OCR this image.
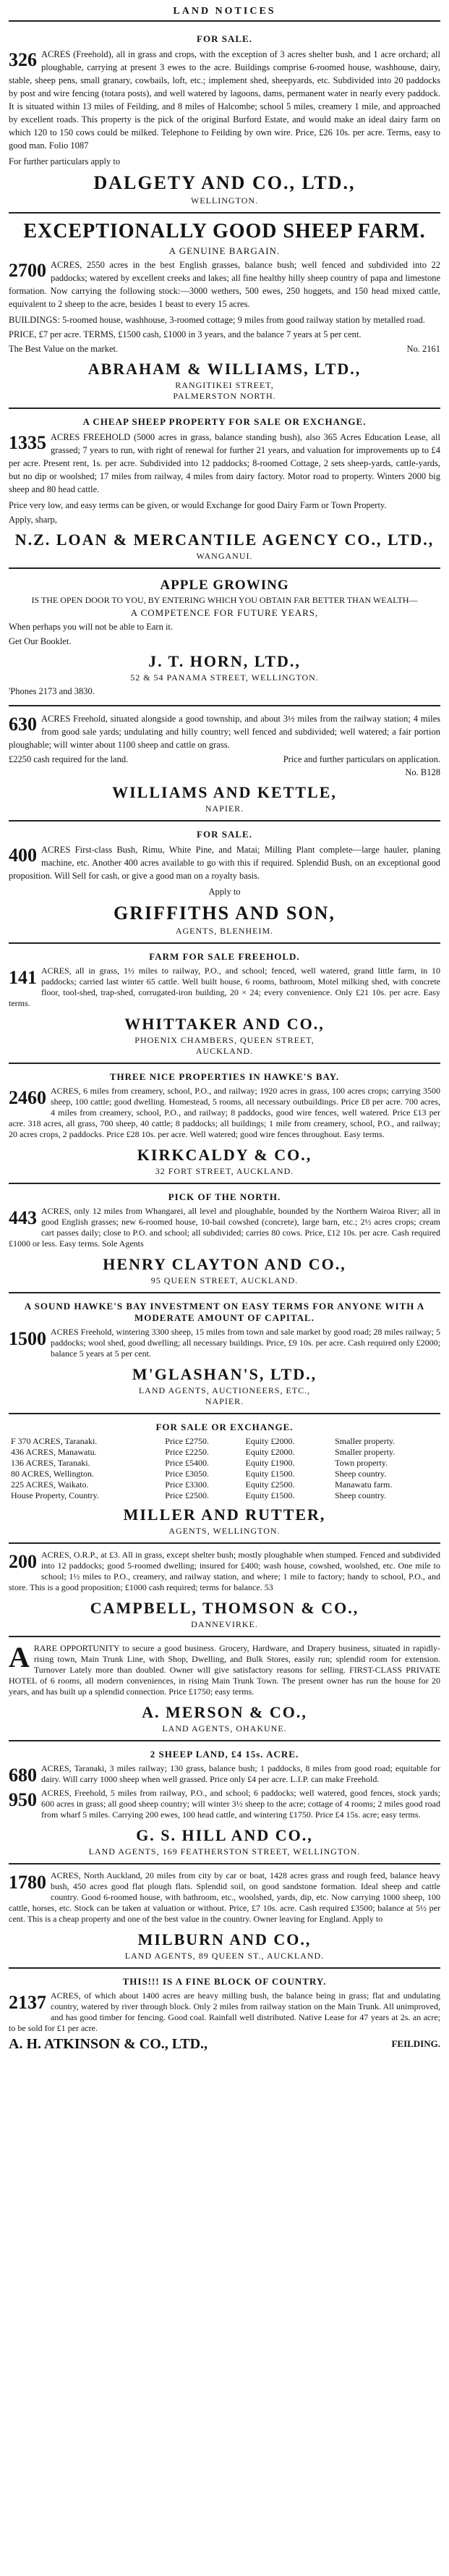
LAND NOTICES
FOR SALE.
326 ACRES (Freehold), all in grass and crops, with the exception of 3 acres shelter bush, and 1 acre orchard; all ploughable, carrying at present 3 ewes to the acre. Buildings comprise 6-roomed house, washhouse, dairy, stable, sheep pens, small granary, cowbails, loft, etc.; implement shed, sheepyards, etc. Subdivided into 20 paddocks by post and wire fencing (totara posts), and well watered by lagoons, dams, permanent water in nearly every paddock. It is situated within 13 miles of Feilding, and 8 miles of Halcombe; school 5 miles, creamery 1 mile, and approached by excellent roads. This property is the pick of the original Burford Estate, and would make an ideal dairy farm on which 120 to 150 cows could be milked. Telephone to Feilding by own wire. Price, £26 10s. per acre. Terms, easy to good man. Folio 1087
For further particulars apply to
DALGETY AND CO., LTD.,
WELLINGTON.
EXCEPTIONALLY GOOD SHEEP FARM.
A GENUINE BARGAIN.
2700 ACRES, 2550 acres in the best English grasses, balance bush; well fenced and subdivided into 22 paddocks; watered by excellent creeks and lakes; all fine healthy hilly sheep country of papa and limestone formation. Now carrying the following stock:—3000 wethers, 500 ewes, 250 hoggets, and 150 head mixed cattle, equivalent to 2 sheep to the acre, besides 1 beast to every 15 acres.
BUILDINGS: 5-roomed house, washhouse, 3-roomed cottage; 9 miles from good railway station by metalled road.
PRICE, £7 per acre. TERMS, £1500 cash, £1000 in 3 years, and the balance 7 years at 5 per cent.
The Best Value on the market.	No. 2161
ABRAHAM & WILLIAMS, LTD.,
RANGITIKEI STREET,
PALMERSTON NORTH.
A CHEAP SHEEP PROPERTY FOR SALE OR EXCHANGE.
1335 ACRES FREEHOLD (5000 acres in grass, balance standing bush), also 365 Acres Education Lease, all grassed; 7 years to run, with right of renewal for further 21 years, and valuation for improvements up to £4 per acre. Present rent, 1s. per acre. Subdivided into 12 paddocks; 8-roomed Cottage, 2 sets sheep-yards, cattle-yards, but no dip or woolshed; 17 miles from railway, 4 miles from dairy factory. Motor road to property. Winters 2000 big sheep and 80 head cattle.
Price very low, and easy terms can be given, or would Exchange for good Dairy Farm or Town Property.
Apply, sharp,
N.Z. LOAN & MERCANTILE AGENCY CO., LTD.,
WANGANUI.
APPLE GROWING
IS THE OPEN DOOR TO YOU, BY ENTERING WHICH YOU OBTAIN FAR BETTER THAN WEALTH—
A COMPETENCE FOR FUTURE YEARS,
When perhaps you will not be able to Earn it.
Get Our Booklet.
J. T. HORN, LTD.,
52 & 54 PANAMA STREET, WELLINGTON.
'Phones 2173 and 3830.
630 ACRES Freehold, situated alongside a good township, and about 3½ miles from the railway station; 4 miles from good sale yards; undulating and hilly country; well fenced and subdivided; well watered; a fair portion ploughable; will winter about 1100 sheep and cattle on grass.
£2250 cash required for the land.	Price and further particulars on application.
No. B128
WILLIAMS AND KETTLE,
NAPIER.
FOR SALE.
400 ACRES First-class Bush, Rimu, White Pine, and Matai; Milling Plant complete—large hauler, planing machine, etc. Another 400 acres available to go with this if required. Splendid Bush, on an exceptional good proposition. Will Sell for cash, or give a good man on a royalty basis.
Apply to
GRIFFITHS AND SON,
AGENTS, BLENHEIM.
FARM FOR SALE FREEHOLD.
141 ACRES, all in grass, 1½ miles to railway, P.O., and school; fenced, well watered, grand little farm, in 10 paddocks; carried last winter 65 cattle. Well built house, 6 rooms, bathroom, Motel milking shed, with concrete floor, tool-shed, trap-shed, corrugated-iron building, 20 × 24; every convenience. Only £21 10s. per acre. Easy terms.
WHITTAKER AND CO.,
PHOENIX CHAMBERS, QUEEN STREET,
AUCKLAND.
THREE NICE PROPERTIES IN HAWKE'S BAY.
2460 ACRES, 6 miles from creamery, school, P.O., and railway; 1920 acres in grass, 100 acres crops; carrying 3500 sheep, 100 cattle; good dwelling. Homestead, 5 rooms, all necessary outbuildings. Price £8 per acre. 700 acres, 4 miles from creamery, school, P.O., and railway; 8 paddocks, good wire fences, well watered. Price £13 per acre. 318 acres, all grass, 700 sheep, 40 cattle; 8 paddocks; all buildings; 1 mile from creamery, school, P.O., and railway; 20 acres crops, 2 paddocks. Price £28 10s. per acre. Well watered; good wire fences throughout. Easy terms.
KIRKCALDY & CO.,
32 FORT STREET, AUCKLAND.
PICK OF THE NORTH.
443 ACRES, only 12 miles from Whangarei, all level and ploughable, bounded by the Northern Wairoa River; all in good English grasses; new 6-roomed house, 10-bail cowshed (concrete), large barn, etc.; 2½ acres crops; cream cart passes daily; close to P.O. and school; all subdivided; carries 80 cows. Price, £12 10s. per acre. Cash required £1000 or less. Easy terms. Sole Agents
HENRY CLAYTON AND CO.,
95 QUEEN STREET, AUCKLAND.
A SOUND HAWKE'S BAY INVESTMENT ON EASY TERMS FOR ANYONE WITH A MODERATE AMOUNT OF CAPITAL.
1500 ACRES Freehold, wintering 3300 sheep, 15 miles from town and sale market by good road; 28 miles railway; 5 paddocks; wool shed, good dwelling; all necessary buildings. Price, £9 10s. per acre. Cash required only £2000; balance 5 years at 5 per cent.
M'GLASHAN'S, LTD.,
LAND AGENTS, AUCTIONEERS, ETC.,
NAPIER.
FOR SALE OR EXCHANGE.
F 370 ACRES, Taranaki.	Price £2750.	Equity £2000.	Smaller property.
436 ACRES, Manawatu.	Price £2250.	Equity £2000.	Smaller property.
136 ACRES, Taranaki.	Price £5400.	Equity £1900.	Town property.
80 ACRES, Wellington.	Price £3050.	Equity £1500.	Sheep country.
225 ACRES, Waikato.	Price £3300.	Equity £2500.	Manawatu farm.
House Property, Country.	Price £2500.	Equity £1500.	Sheep country.
MILLER AND RUTTER,
AGENTS, WELLINGTON.
200 ACRES, O.R.P., at £3. All in grass, except shelter bush; mostly ploughable when stumped. Fenced and subdivided into 12 paddocks; good 5-roomed dwelling; insured for £400; wash house, cowshed, woolshed, etc. One mile to school; 1½ miles to P.O., creamery, and railway station, and where; 1 mile to factory; handy to school, P.O., and store. This is a good proposition; £1000 cash required; terms for balance. 53
CAMPBELL, THOMSON & CO.,
DANNEVIRKE.
ARARE OPPORTUNITY to secure a good business. Grocery, Hardware, and Drapery business, situated in rapidly-rising town, Main Trunk Line, with Shop, Dwelling, and Bulk Stores, easily run; splendid room for extension. Turnover Lately more than doubled. Owner will give satisfactory reasons for selling. FIRST-CLASS PRIVATE HOTEL of 6 rooms, all modern conveniences, in rising Main Trunk Town. The present owner has run the house for 20 years, and has built up a splendid connection. Price £1750; easy terms.
A. MERSON & CO.,
LAND AGENTS, OHAKUNE.
2 SHEEP LAND, £4 15s. ACRE.
680 ACRES, Taranaki, 3 miles railway; 130 grass, balance bush; 1 paddocks, 8 miles from good road; equitable for dairy. Will carry 1000 sheep when well grassed. Price only £4 per acre. L.I.P. can make Freehold.
950 ACRES, Freehold, 5 miles from railway, P.O., and school; 6 paddocks; well watered, good fences, stock yards; 600 acres in grass; all good sheep country; will winter 3½ sheep to the acre; cottage of 4 rooms; 2 miles good road from wharf 5 miles. Carrying 200 ewes, 100 head cattle, and wintering £1750. Price £4 15s. acre; easy terms.
G. S. HILL AND CO.,
LAND AGENTS, 169 FEATHERSTON STREET, WELLINGTON.
1780 ACRES, North Auckland, 20 miles from city by car or boat, 1428 acres grass and rough feed, balance heavy bush, 450 acres good flat plough flats. Splendid soil, on good sandstone formation. Ideal sheep and cattle country. Good 6-roomed house, with bathroom, etc., woolshed, yards, dip, etc. Now carrying 1000 sheep, 100 cattle, horses, etc. Stock can be taken at valuation or without. Price, £7 10s. acre. Cash required £3500; balance at 5½ per cent. This is a cheap property and one of the best value in the country. Owner leaving for England. Apply to
MILBURN AND CO.,
LAND AGENTS, 89 QUEEN ST., AUCKLAND.
THIS!!! IS A FINE BLOCK OF COUNTRY.
2137 ACRES, of which about 1400 acres are heavy milling bush, the balance being in grass; flat and undulating country, watered by river through block. Only 2 miles from railway station on the Main Trunk. All unimproved, and has good timber for fencing. Good coal. Rainfall well distributed. Native Lease for 47 years at 2s. an acre; to be sold for £1 per acre.
A. H. ATKINSON & CO., LTD.,	FEILDING.
